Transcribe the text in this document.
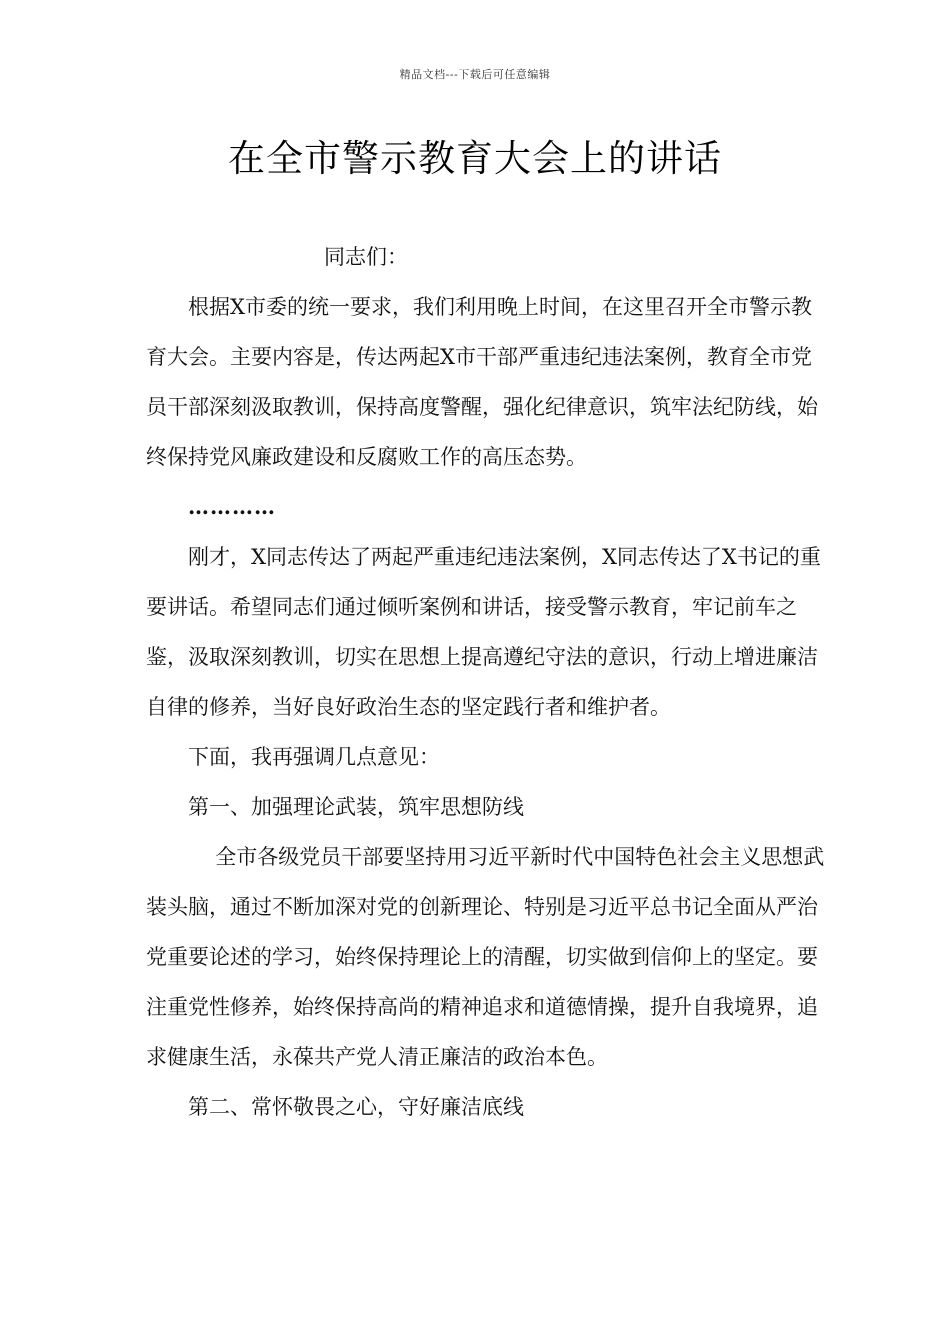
精品文档---下载后可任意编辑
在全市警示教育大会上的讲话

同志们：

根据X市委的统一要求，我们利用晚上时间，在这里召开全市警示教育大会。主要内容是，传达两起X市干部严重违纪违法案例，教育全市党员干部深刻汲取教训，保持高度警醒，强化纪律意识，筑牢法纪防线，始终保持党风廉政建设和反腐败工作的高压态势。

…………

刚才，X同志传达了两起严重违纪违法案例，X同志传达了X书记的重要讲话。希望同志们通过倾听案例和讲话，接受警示教育，牢记前车之鉴，汲取深刻教训，切实在思想上提高遵纪守法的意识，行动上增进廉洁自律的修养，当好良好政治生态的坚定践行者和维护者。

下面，我再强调几点意见：

第一、加强理论武装，筑牢思想防线

全市各级党员干部要坚持用习近平新时代中国特色社会主义思想武装头脑，通过不断加深对党的创新理论、特别是习近平总书记全面从严治党重要论述的学习，始终保持理论上的清醒，切实做到信仰上的坚定。要注重党性修养，始终保持高尚的精神追求和道德情操，提升自我境界，追求健康生活，永葆共产党人清正廉洁的政治本色。

第二、常怀敬畏之心，守好廉洁底线
